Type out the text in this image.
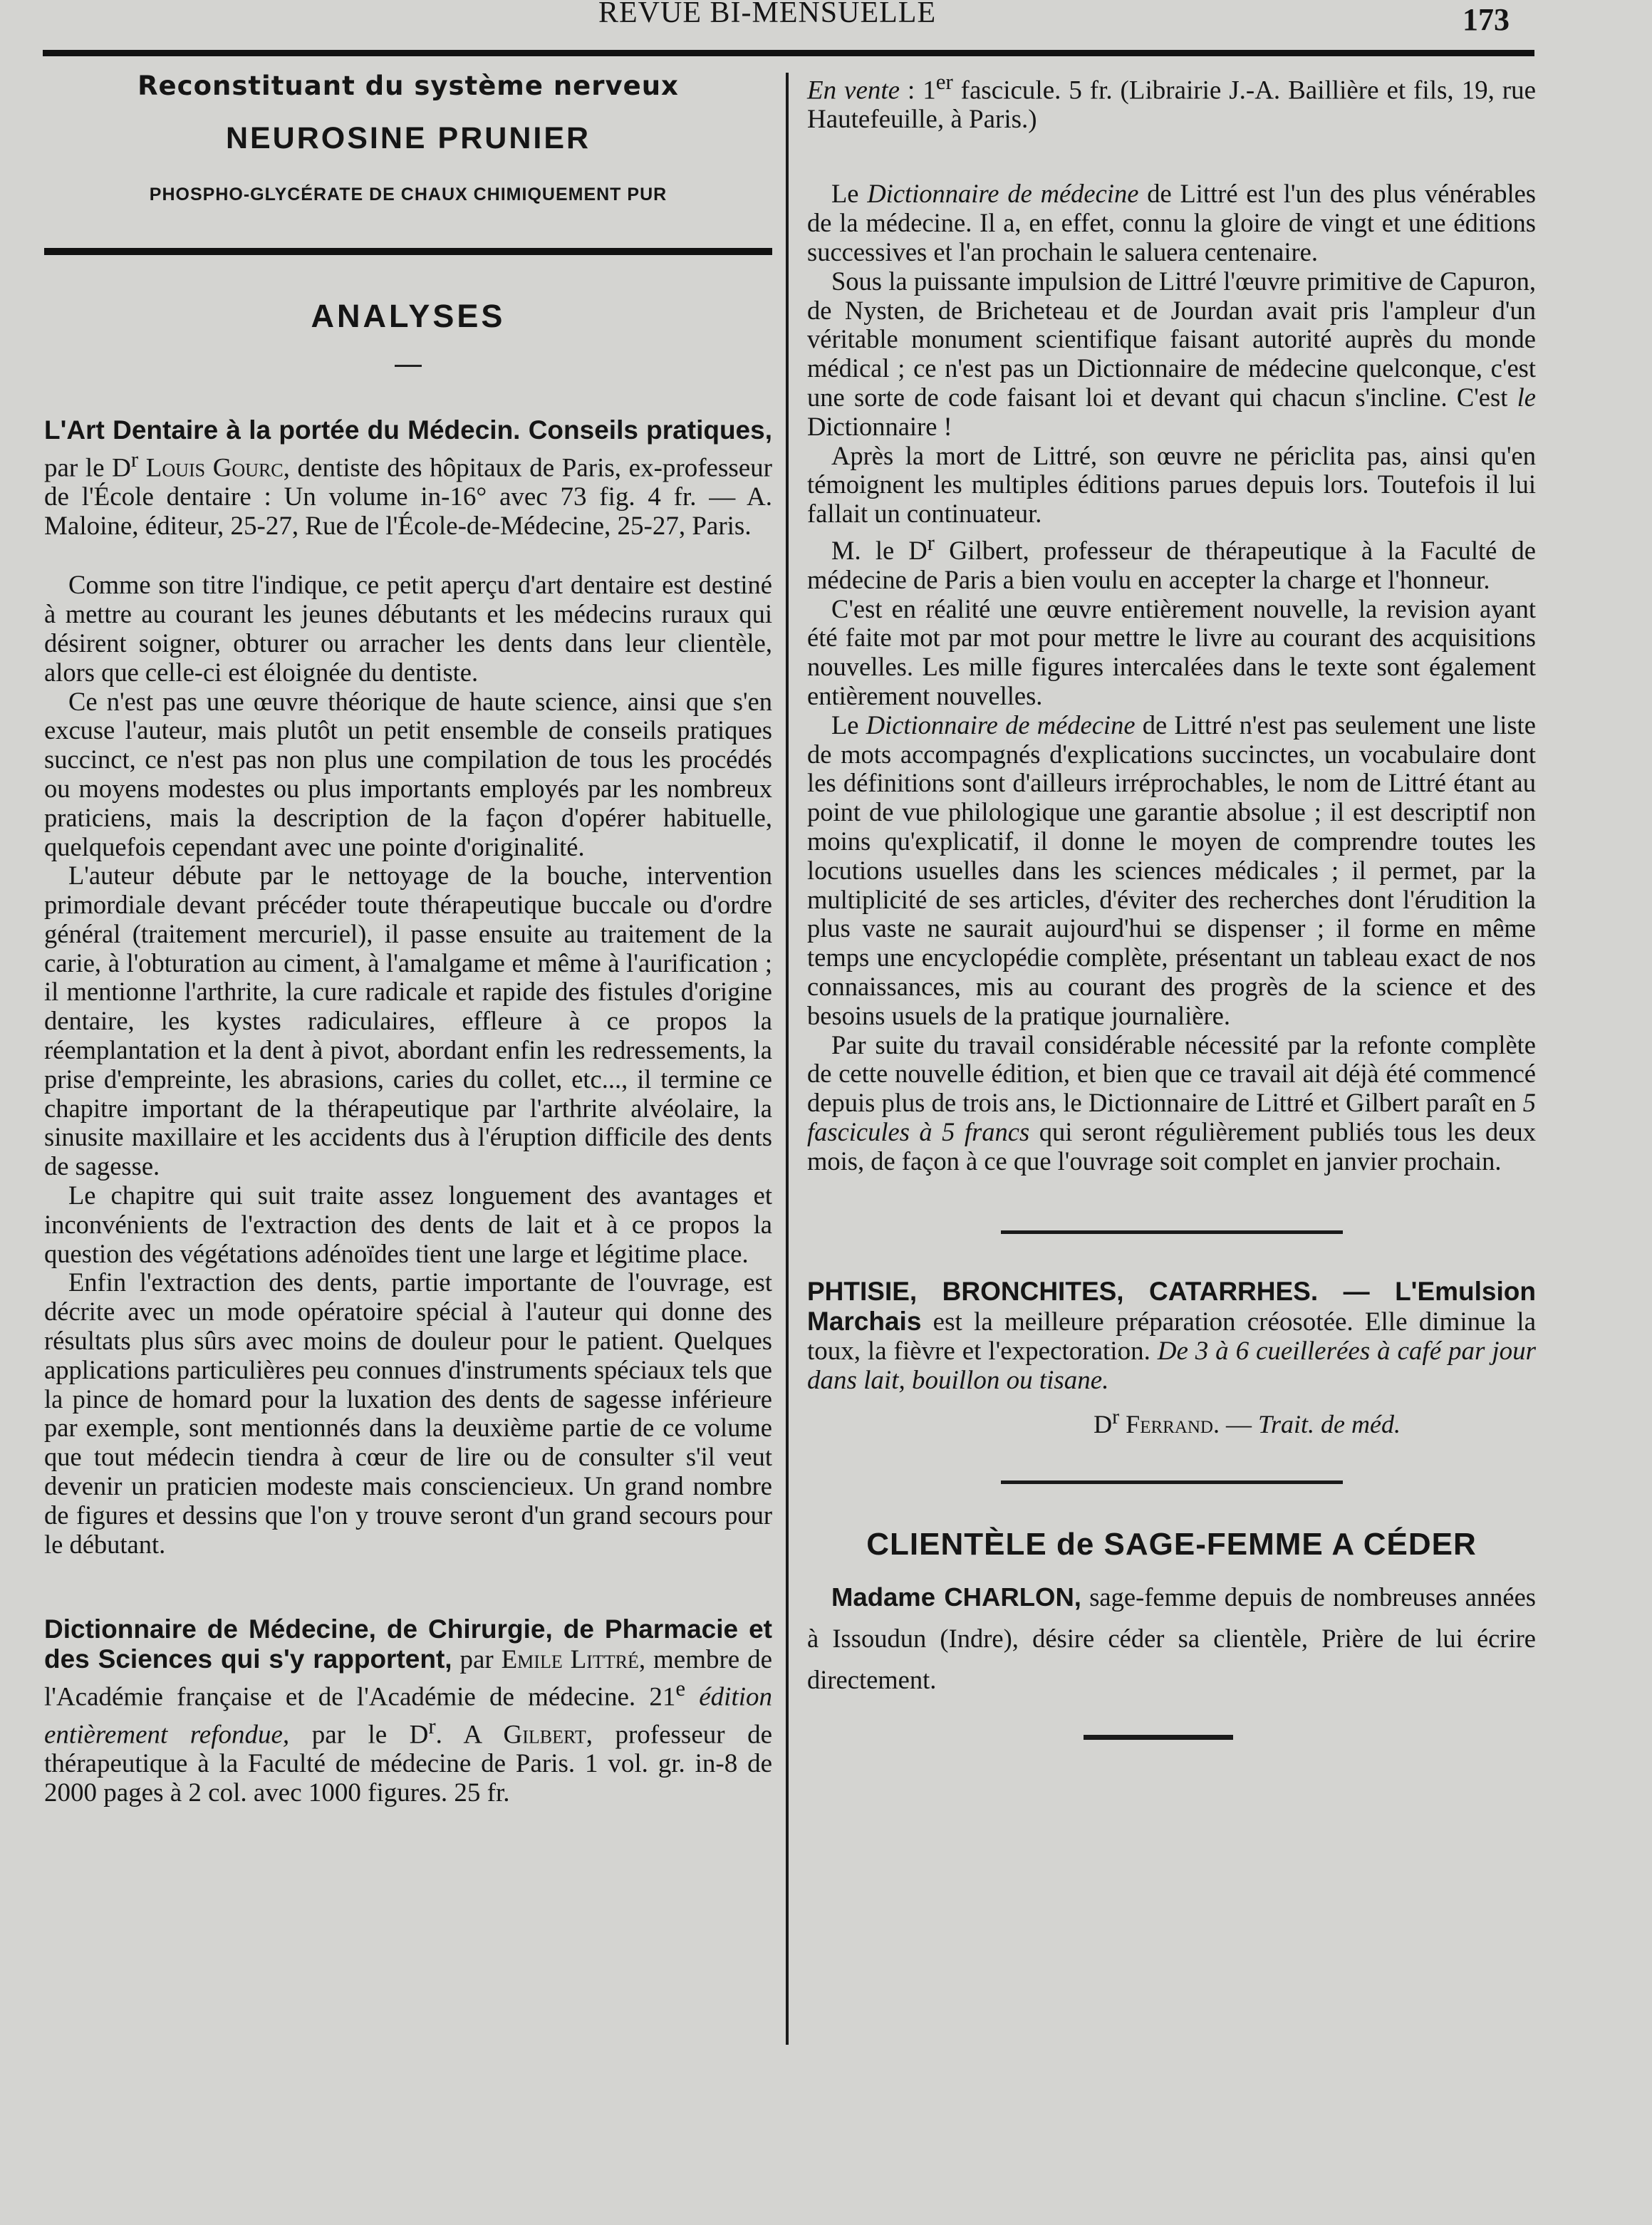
REVUE BI-MENSUELLE	173
Reconstituant du système nerveux
NEUROSINE PRUNIER
PHOSPHO-GLYCÉRATE DE CHAUX CHIMIQUEMENT PUR
ANALYSES
L'Art Dentaire à la portée du Médecin. Conseils pratiques, par le $D^r$ Louis Gourc, dentiste des hôpitaux de Paris, ex-professeur de l'École dentaire : Un volume in-16° avec 73 fig. 4 fr. — A. Maloine, éditeur, 25-27, Rue de l'École-de-Médecine, 25-27, Paris.

Comme son titre l'indique, ce petit aperçu d'art dentaire est destiné à mettre au courant les jeunes débutants et les médecins ruraux qui désirent soigner, obturer ou arracher les dents dans leur clientèle, alors que celle-ci est éloignée du dentiste.

Ce n'est pas une œuvre théorique de haute science, ainsi que s'en excuse l'auteur, mais plutôt un petit ensemble de conseils pratiques succinct, ce n'est pas non plus une compilation de tous les procédés ou moyens modestes ou plus importants employés par les nombreux praticiens, mais la description de la façon d'opérer habituelle, quelquefois cependant avec une pointe d'originalité.

L'auteur débute par le nettoyage de la bouche, intervention primordiale devant précéder toute thérapeutique buccale ou d'ordre général (traitement mercuriel), il passe ensuite au traitement de la carie, à l'obturation au ciment, à l'amalgame et même à l'aurification ; il mentionne l'arthrite, la cure radicale et rapide des fistules d'origine dentaire, les kystes radiculaires, effleure à ce propos la réemplantation et la dent à pivot, abordant enfin les redressements, la prise d'empreinte, les abrasions, caries du collet, etc..., il termine ce chapitre important de la thérapeutique par l'arthrite alvéolaire, la sinusite maxillaire et les accidents dus à l'éruption difficile des dents de sagesse.

Le chapitre qui suit traite assez longuement des avantages et inconvénients de l'extraction des dents de lait et à ce propos la question des végétations adénoïdes tient une large et légitime place.

Enfin l'extraction des dents, partie importante de l'ouvrage, est décrite avec un mode opératoire spécial à l'auteur qui donne des résultats plus sûrs avec moins de douleur pour le patient. Quelques applications particulières peu connues d'instruments spéciaux tels que la pince de homard pour la luxation des dents de sagesse inférieure par exemple, sont mentionnés dans la deuxième partie de ce volume que tout médecin tiendra à cœur de lire ou de consulter s'il veut devenir un praticien modeste mais consciencieux. Un grand nombre de figures et dessins que l'on y trouve seront d'un grand secours pour le débutant.

Dictionnaire de Médecine, de Chirurgie, de Pharmacie et des Sciences qui s'y rapportent, par Emile Littré, membre de l'Académie française et de l'Académie de médecine. 21e édition entièrement refondue, par le $D^r$. A Gilbert, professeur de thérapeutique à la Faculté de médecine de Paris. 1 vol. gr. in-8 de 2000 pages à 2 col. avec 1000 figures. 25 fr.
En vente : 1er fascicule. 5 fr. (Librairie J.-A. Baillière et fils, 19, rue Hautefeuille, à Paris.)

Le Dictionnaire de médecine de Littré est l'un des plus vénérables de la médecine. Il a, en effet, connu la gloire de vingt et une éditions successives et l'an prochain le saluera centenaire.

Sous la puissante impulsion de Littré l'œuvre primitive de Capuron, de Nysten, de Bricheteau et de Jourdan avait pris l'ampleur d'un véritable monument scientifique faisant autorité auprès du monde médical ; ce n'est pas un Dictionnaire de médecine quelconque, c'est une sorte de code faisant loi et devant qui chacun s'incline. C'est le Dictionnaire !

Après la mort de Littré, son œuvre ne périclita pas, ainsi qu'en témoignent les multiples éditions parues depuis lors. Toutefois il lui fallait un continuateur.

M. le $D^r$ Gilbert, professeur de thérapeutique à la Faculté de médecine de Paris a bien voulu en accepter la charge et l'honneur.

C'est en réalité une œuvre entièrement nouvelle, la revision ayant été faite mot par mot pour mettre le livre au courant des acquisitions nouvelles. Les mille figures intercalées dans le texte sont également entièrement nouvelles.

Le Dictionnaire de médecine de Littré n'est pas seulement une liste de mots accompagnés d'explications succinctes, un vocabulaire dont les définitions sont d'ailleurs irréprochables, le nom de Littré étant au point de vue philologique une garantie absolue ; il est descriptif non moins qu'explicatif, il donne le moyen de comprendre toutes les locutions usuelles dans les sciences médicales ; il permet, par la multiplicité de ses articles, d'éviter des recherches dont l'érudition la plus vaste ne saurait aujourd'hui se dispenser ; il forme en même temps une encyclopédie complète, présentant un tableau exact de nos connaissances, mis au courant des progrès de la science et des besoins usuels de la pratique journalière.

Par suite du travail considérable nécessité par la refonte complète de cette nouvelle édition, et bien que ce travail ait déjà été commencé depuis plus de trois ans, le Dictionnaire de Littré et Gilbert paraît en 5 fascicules à 5 francs qui seront régulièrement publiés tous les deux mois, de façon à ce que l'ouvrage soit complet en janvier prochain.

PHTISIE, BRONCHITES, CATARRHES. — L'Emulsion Marchais est la meilleure préparation créosotée. Elle diminue la toux, la fièvre et l'expectoration. De 3 à 6 cueillerées à café par jour dans lait, bouillon ou tisane.
$D^r$ Ferrand. — Trait. de méd.
CLIENTÈLE de SAGE-FEMME A CÉDER
Madame CHARLON, sage-femme depuis de nombreuses années à Issoudun (Indre), désire céder sa clientèle, Prière de lui écrire directement.
